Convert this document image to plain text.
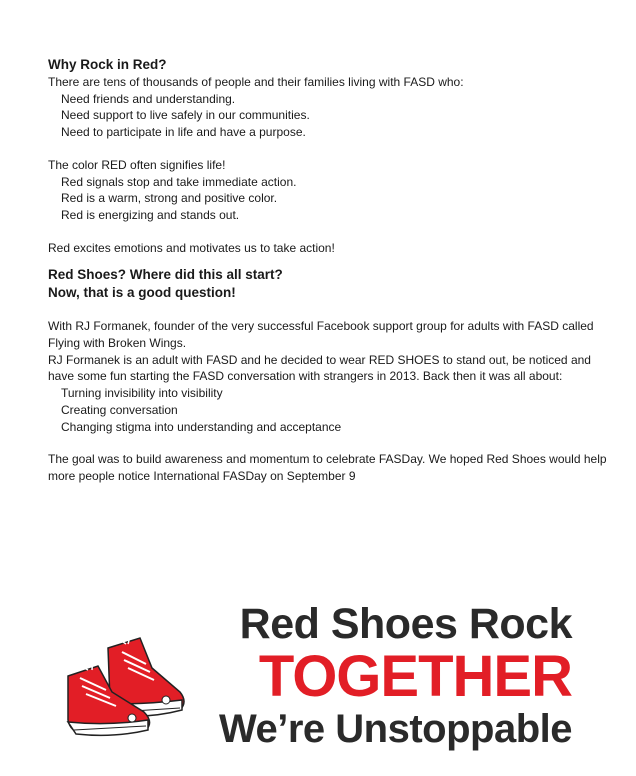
Why Rock in Red?

There are tens of thousands of people and their families living with FASD who:

Need friends and understanding.

Need support to live safely in our communities.

Need to participate in life and have a purpose.

The color RED often signifies life!

Red signals stop and take immediate action.

Red is a warm, strong and positive color.

Red is energizing and stands out.

Red excites emotions and motivates us to take action!

Red Shoes? Where did this all start?
Now, that is a good question!

With RJ Formanek, founder of the very successful Facebook support group for adults with FASD called Flying with Broken Wings.

RJ Formanek is an adult with FASD and he decided to wear RED SHOES to stand out, be noticed and have some fun starting the FASD conversation with strangers in 2013. Back then it was all about:

Turning invisibility into visibility

Creating conversation

Changing stigma into understanding and acceptance

The goal was to build awareness and momentum to celebrate FASDay. We hoped Red Shoes would help more people notice International FASDay on September 9

Red Shoes Rock
TOGETHER
We’re Unstoppable
